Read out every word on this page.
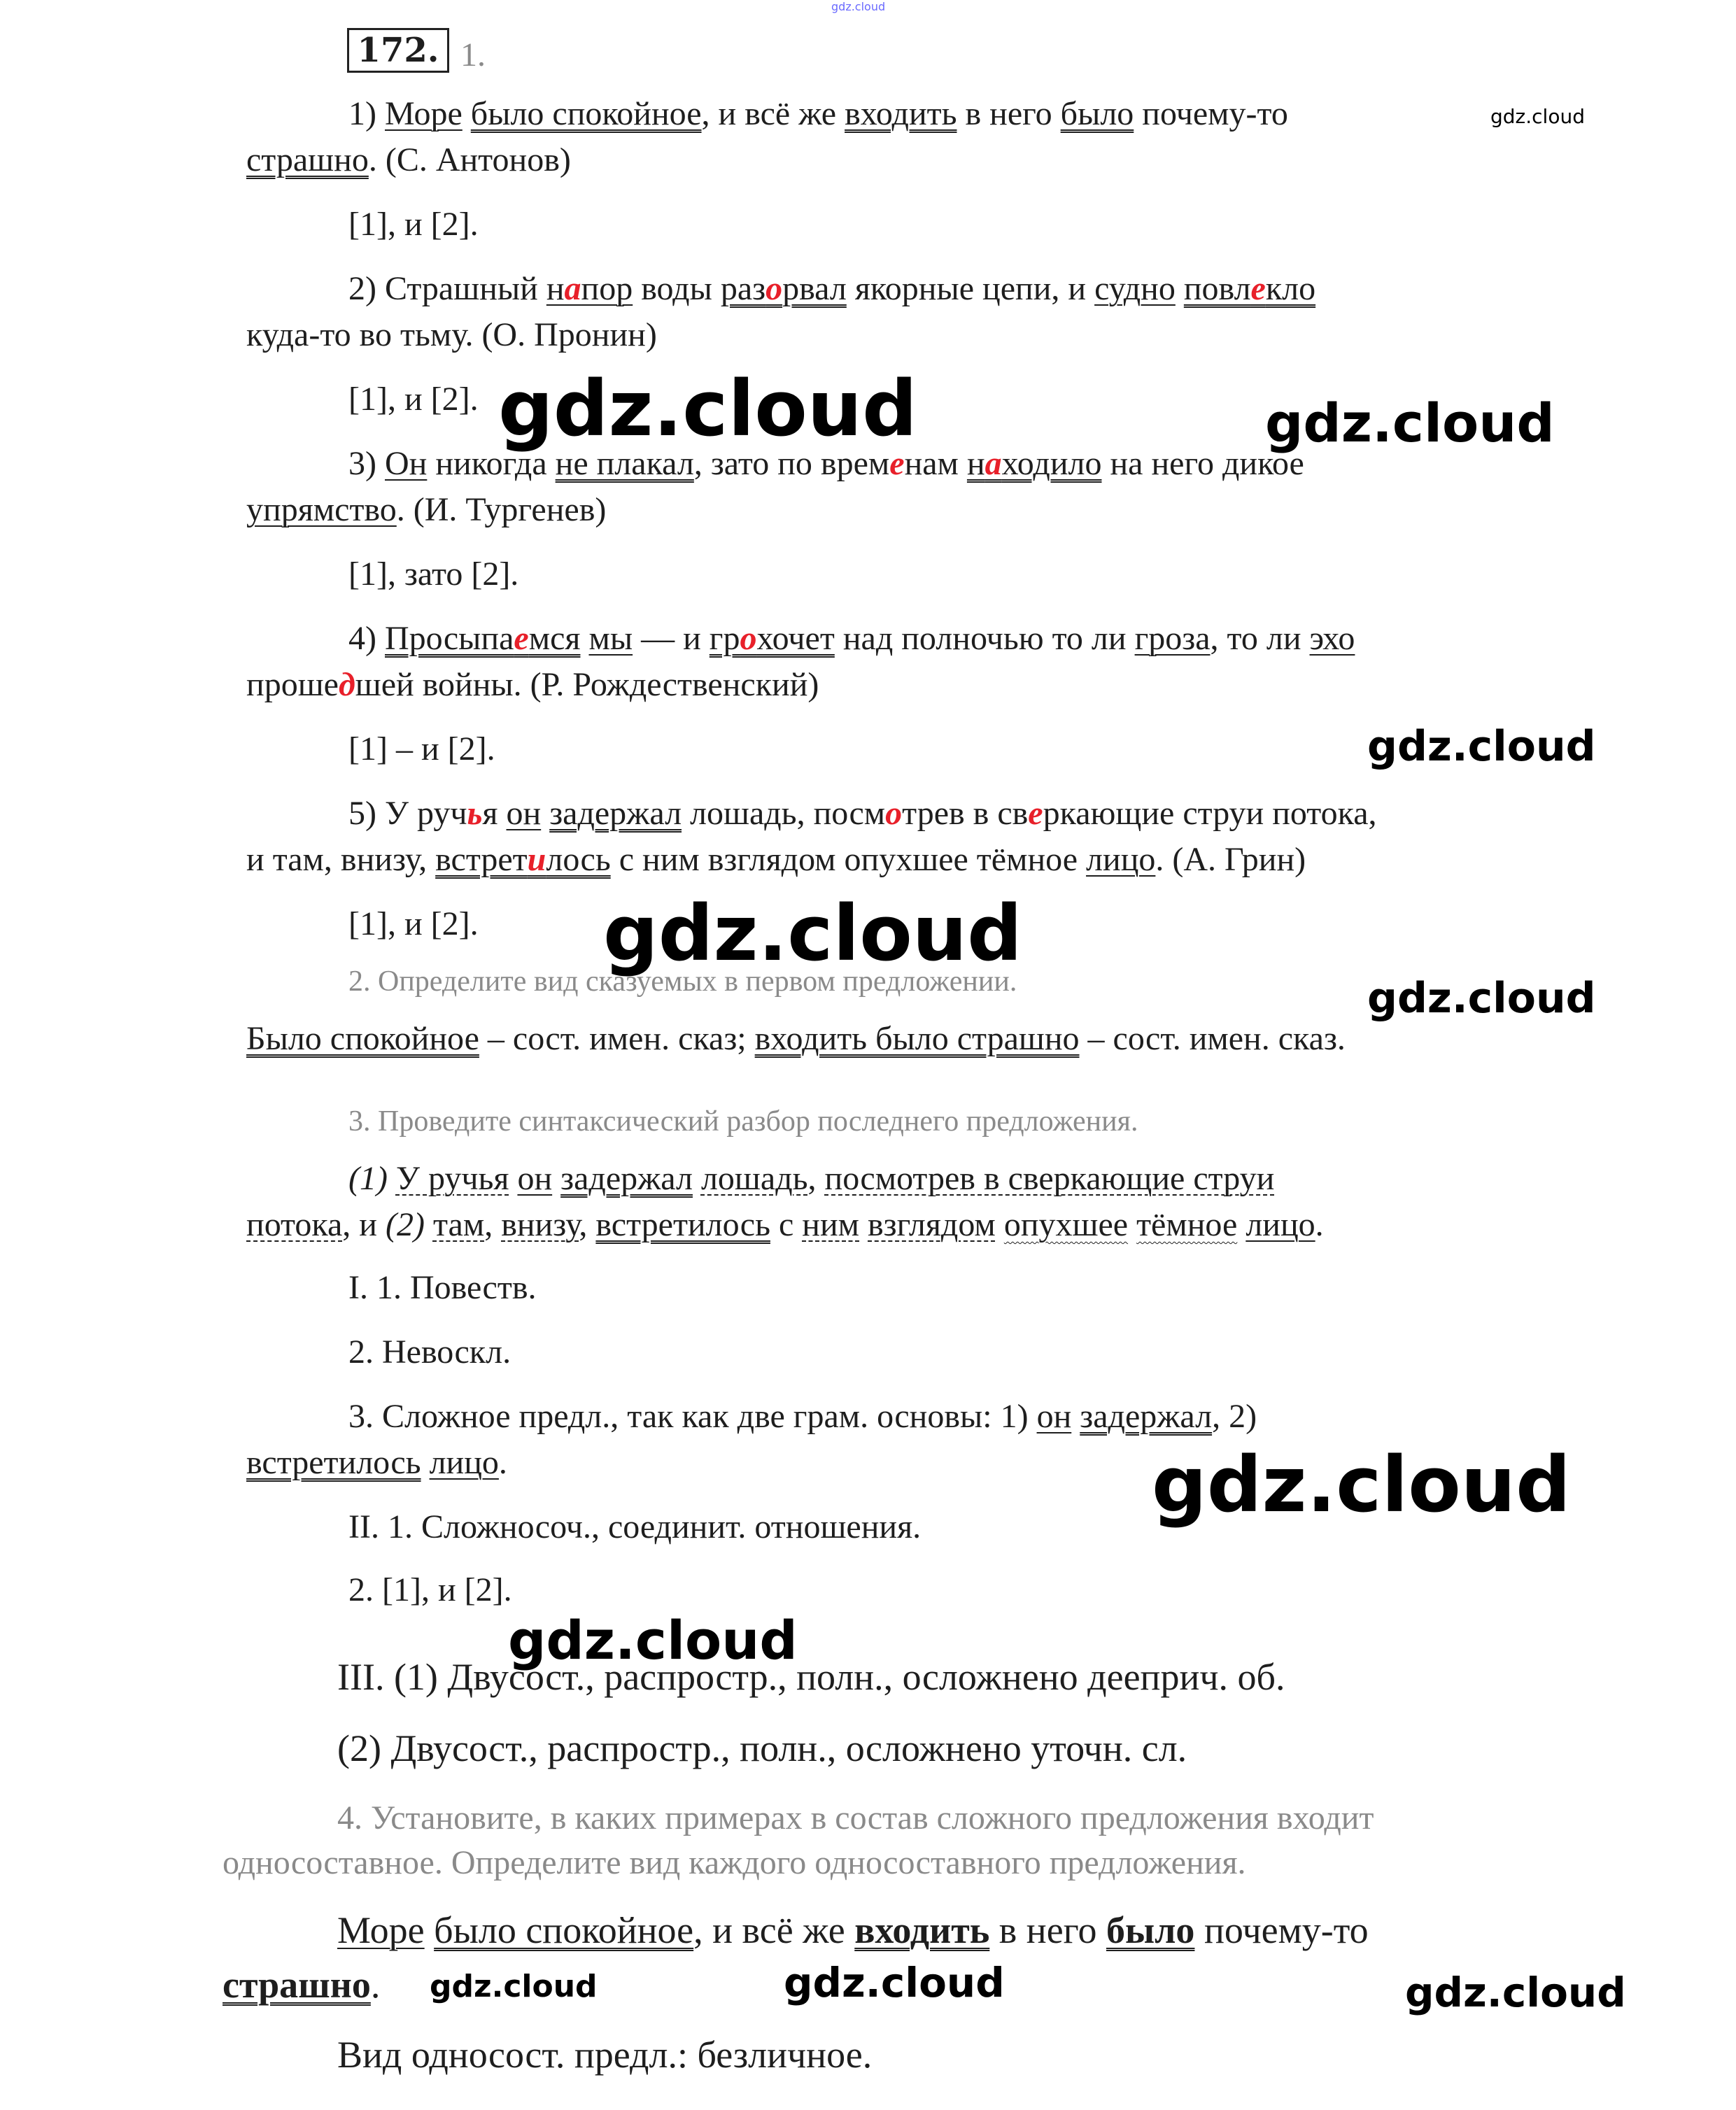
172. 1.
1) Море было спокойное, и всё же входить в него было почему-то
страшно. (С. Антонов)
[1], и [2].
2) Страшный напор воды разорвал якорные цепи, и судно повлекло
куда-то во тьму. (О. Пронин)
[1], и [2].
3) Он никогда не плакал, зато по временам находило на него дикое
упрямство. (И. Тургенев)
[1], зато [2].
4) Просыпаемся мы — и грохочет над полночью то ли гроза, то ли эхо
прошедшей войны. (Р. Рождественский)
[1] – и [2].
5) У ручья он задержал лошадь, посмотрев в сверкающие струи потока,
и там, внизу, встретилось с ним взглядом опухшее тёмное лицо. (А. Грин)
[1], и [2].
2. Определите вид сказуемых в первом предложении.
Было спокойное – сост. имен. сказ; входить было страшно – сост. имен. сказ.
3. Проведите синтаксический разбор последнего предложения.
(1) У ручья он задержал лошадь, посмотрев в сверкающие струи
потока, и (2) там, внизу, встретилось с ним взглядом опухшее тёмное лицо.
I. 1. Повеств.
2. Невоскл.
3. Сложное предл., так как две грам. основы: 1) он задержал, 2)
встретилось лицо.
II. 1. Сложносоч., соединит. отношения.
2. [1], и [2].
III. (1) Двусост., распростр., полн., осложнено дееприч. об.
(2) Двусост., распростр., полн., осложнено уточн. сл.
4. Установите, в каких примерах в состав сложного предложения входит
односоставное. Определите вид каждого односоставного предложения.
Море было спокойное, и всё же входить в него было почему-то
страшно.
Вид односост. предл.: безличное.
gdz.cloud
gdz.cloud
gdz.cloud	gdz.cloud
gdz.cloud
gdz.cloud
gdz.cloud
gdz.cloud
gdz.cloud
gdz.cloud	gdz.cloud	gdz.cloud
